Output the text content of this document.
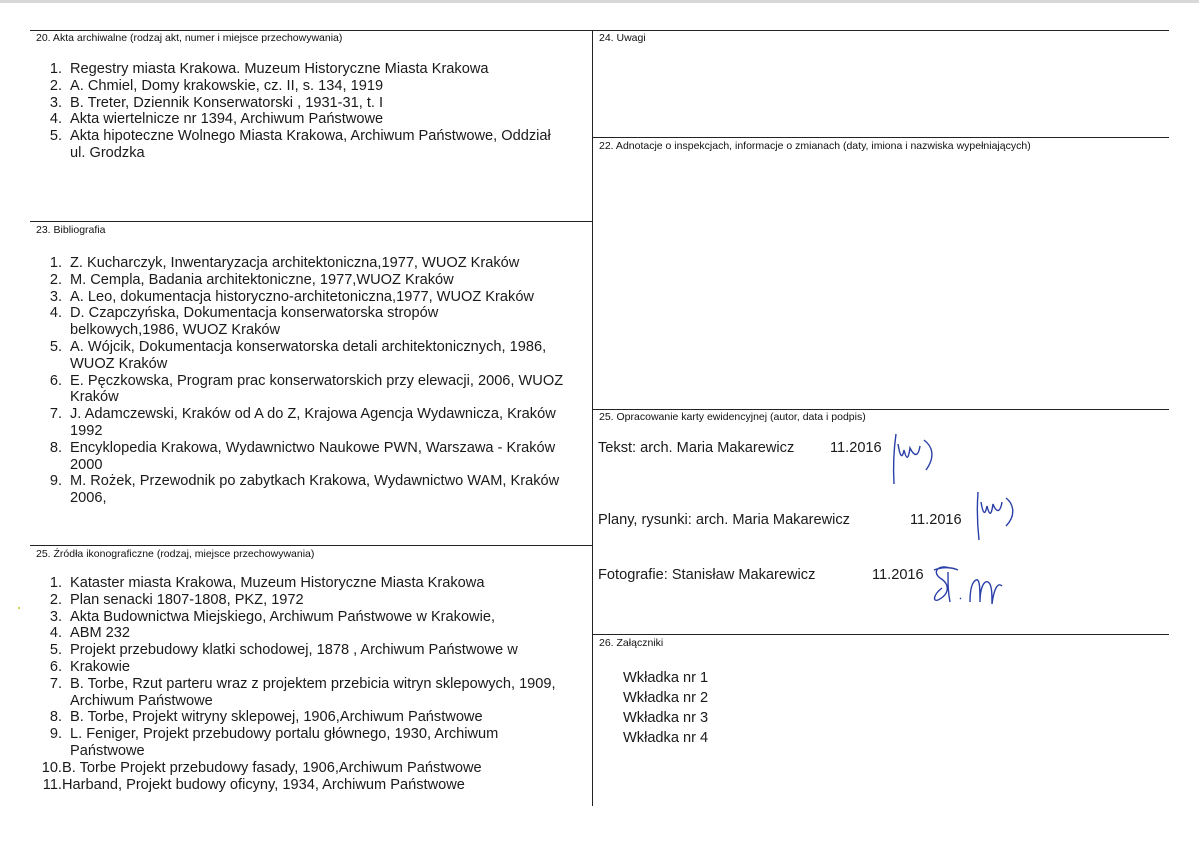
20. Akta archiwalne (rodzaj akt, numer i miejsce przechowywania)
1. Regestry miasta Krakowa. Muzeum Historyczne Miasta Krakowa
2. A. Chmiel, Domy krakowskie, cz. II, s. 134, 1919
3. B. Treter, Dziennik Konserwatorski , 1931-31, t. I
4. Akta wiertelnicze nr 1394, Archiwum Państwowe
5. Akta hipoteczne Wolnego Miasta Krakowa, Archiwum Państwowe, Oddział ul. Grodzka
23. Bibliografia
1. Z. Kucharczyk, Inwentaryzacja architektoniczna,1977, WUOZ Kraków
2. M. Cempla, Badania architektoniczne, 1977,WUOZ Kraków
3. A. Leo, dokumentacja historyczno-architetoniczna,1977, WUOZ Kraków
4. D. Czapczyńska, Dokumentacja konserwatorska stropów belkowych,1986, WUOZ Kraków
5. A. Wójcik, Dokumentacja konserwatorska detali architektonicznych, 1986, WUOZ Kraków
6. E. Pęczkowska, Program prac konserwatorskich przy elewacji, 2006, WUOZ Kraków
7. J. Adamczewski, Kraków od A do Z, Krajowa Agencja Wydawnicza, Kraków 1992
8. Encyklopedia Krakowa, Wydawnictwo Naukowe PWN, Warszawa - Kraków 2000
9. M. Rożek, Przewodnik po zabytkach Krakowa, Wydawnictwo WAM, Kraków 2006,
25. Źródła ikonograficzne (rodzaj, miejsce przechowywania)
1. Kataster miasta Krakowa, Muzeum Historyczne Miasta Krakowa
2. Plan senacki 1807-1808, PKZ, 1972
3. Akta Budownictwa Miejskiego, Archiwum Państwowe w Krakowie,
4. ABM 232
5. Projekt przebudowy klatki schodowej, 1878 , Archiwum Państwowe w
6. Krakowie
7. B. Torbe, Rzut parteru wraz z projektem przebicia witryn sklepowych, 1909, Archiwum Państwowe
8. B. Torbe, Projekt witryny sklepowej, 1906,Archiwum Państwowe
9. L. Feniger, Projekt przebudowy portalu głównego, 1930, Archiwum Państwowe
10. B. Torbe Projekt przebudowy fasady, 1906,Archiwum Państwowe
11. Harband, Projekt budowy oficyny, 1934, Archiwum Państwowe
24. Uwagi
22. Adnotacje o inspekcjach, informacje o zmianach (daty, imiona i nazwiska wypełniających)
25. Opracowanie karty ewidencyjnej (autor, data i podpis)
Tekst: arch. Maria Makarewicz 11.2016
Plany, rysunki: arch. Maria Makarewicz	11.2016
Fotografie: Stanisław Makarewicz	11.2016
26. Załączniki
Wkładka nr 1
Wkładka nr 2
Wkładka nr 3
Wkładka nr 4
